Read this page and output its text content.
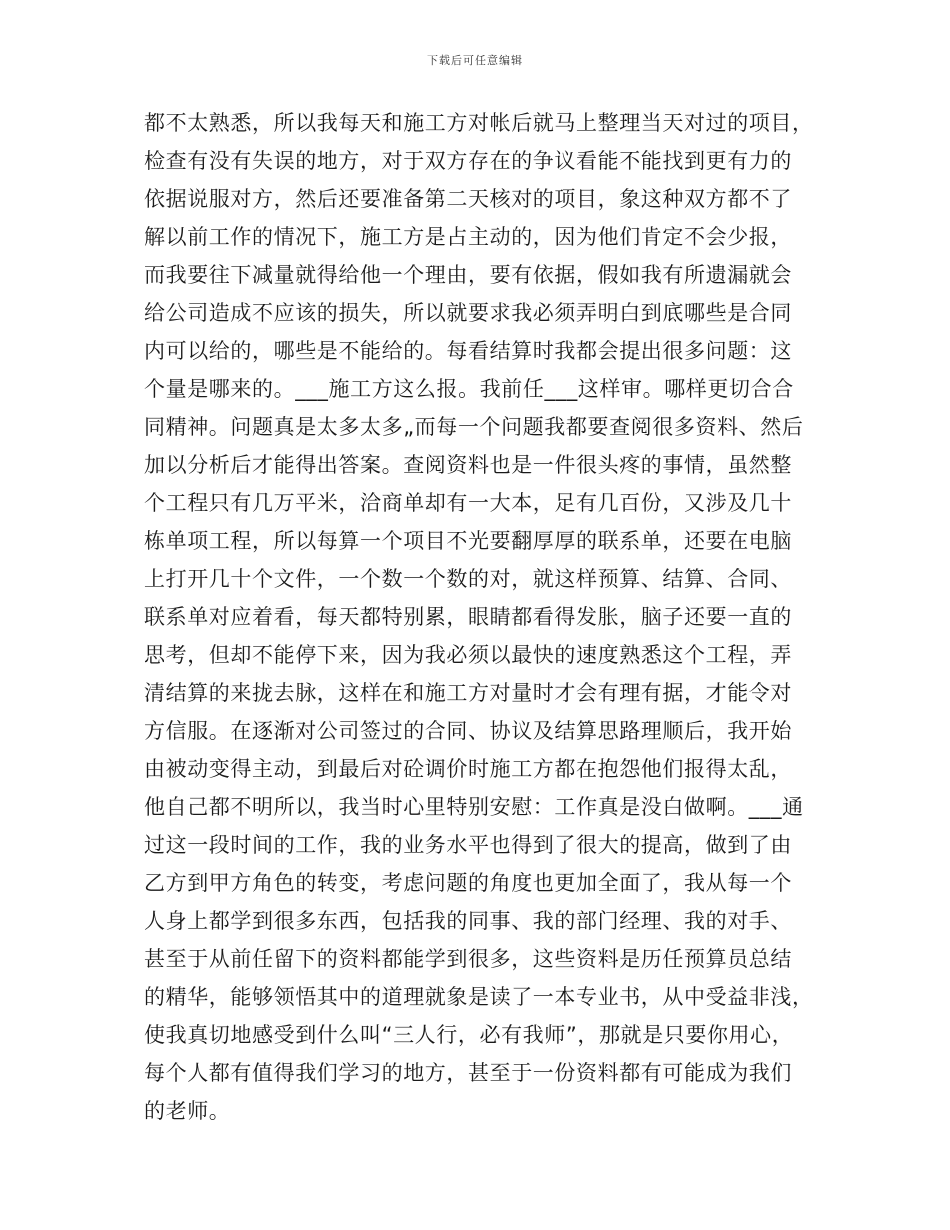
下载后可任意编辑
都不太熟悉，所以我每天和施工方对帐后就马上整理当天对过的项目，
检查有没有失误的地方，对于双方存在的争议看能不能找到更有力的
依据说服对方，然后还要准备第二天核对的项目，象这种双方都不了
解以前工作的情况下，施工方是占主动的，因为他们肯定不会少报，
而我要往下减量就得给他一个理由，要有依据，假如我有所遗漏就会
给公司造成不应该的损失，所以就要求我必须弄明白到底哪些是合同
内可以给的，哪些是不能给的。每看结算时我都会提出很多问题：这
个量是哪来的。___施工方这么报。我前任___这样审。哪样更切合合
同精神。问题真是太多太多„而每一个问题我都要查阅很多资料、然后
加以分析后才能得出答案。查阅资料也是一件很头疼的事情，虽然整
个工程只有几万平米，洽商单却有一大本，足有几百份，又涉及几十
栋单项工程，所以每算一个项目不光要翻厚厚的联系单，还要在电脑
上打开几十个文件，一个数一个数的对，就这样预算、结算、合同、
联系单对应着看，每天都特别累，眼睛都看得发胀，脑子还要一直的
思考，但却不能停下来，因为我必须以最快的速度熟悉这个工程，弄
清结算的来拢去脉，这样在和施工方对量时才会有理有据，才能令对
方信服。在逐渐对公司签过的合同、协议及结算思路理顺后，我开始
由被动变得主动，到最后对砼调价时施工方都在抱怨他们报得太乱，
他自己都不明所以，我当时心里特别安慰：工作真是没白做啊。___通
过这一段时间的工作，我的业务水平也得到了很大的提高，做到了由
乙方到甲方角色的转变，考虑问题的角度也更加全面了，我从每一个
人身上都学到很多东西，包括我的同事、我的部门经理、我的对手、
甚至于从前任留下的资料都能学到很多，这些资料是历任预算员总结
的精华，能够领悟其中的道理就象是读了一本专业书，从中受益非浅，
使我真切地感受到什么叫“三人行，必有我师”，那就是只要你用心，
每个人都有值得我们学习的地方，甚至于一份资料都有可能成为我们
的老师。
